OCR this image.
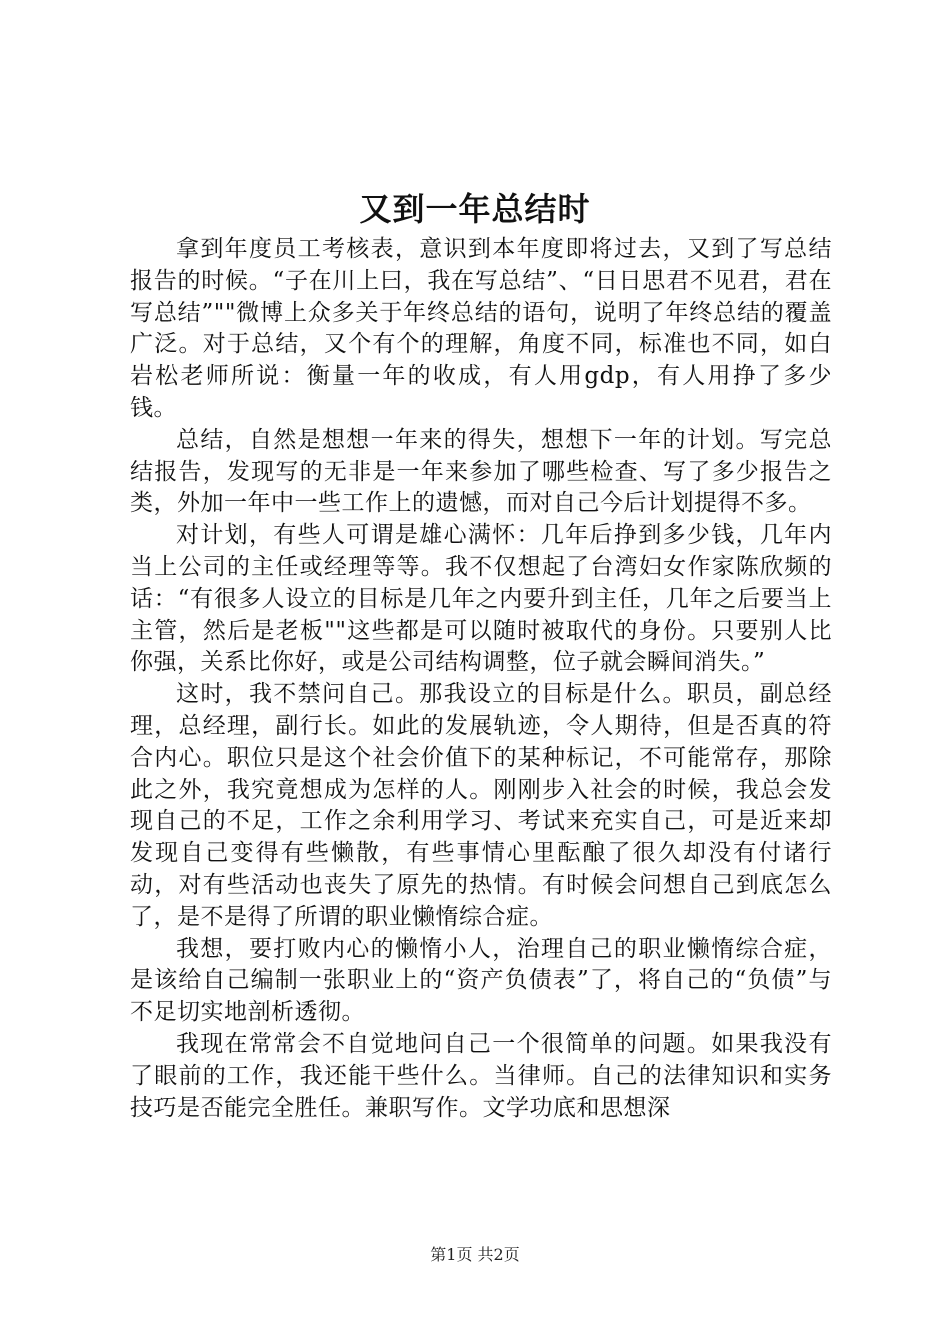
又到一年总结时

拿到年度员工考核表，意识到本年度即将过去，又到了写总结报告的时候。“子在川上曰，我在写总结”、“日日思君不见君，君在写总结”""微博上众多关于年终总结的语句，说明了年终总结的覆盖广泛。对于总结，又个有个的理解，角度不同，标准也不同，如白岩松老师所说：衡量一年的收成，有人用gdp，有人用挣了多少钱。

总结，自然是想想一年来的得失，想想下一年的计划。写完总结报告，发现写的无非是一年来参加了哪些检查、写了多少报告之类，外加一年中一些工作上的遗憾，而对自己今后计划提得不多。

对计划，有些人可谓是雄心满怀：几年后挣到多少钱，几年内当上公司的主任或经理等等。我不仅想起了台湾妇女作家陈欣频的话：“有很多人设立的目标是几年之内要升到主任，几年之后要当上主管，然后是老板""这些都是可以随时被取代的身份。只要别人比你强，关系比你好，或是公司结构调整，位子就会瞬间消失。”

这时，我不禁问自己。那我设立的目标是什么。职员，副总经理，总经理，副行长。如此的发展轨迹，令人期待，但是否真的符合内心。职位只是这个社会价值下的某种标记，不可能常存，那除此之外，我究竟想成为怎样的人。刚刚步入社会的时候，我总会发现自己的不足，工作之余利用学习、考试来充实自己，可是近来却发现自己变得有些懒散，有些事情心里酝酿了很久却没有付诸行动，对有些活动也丧失了原先的热情。有时候会问想自己到底怎么了，是不是得了所谓的职业懒惰综合症。

我想，要打败内心的懒惰小人，治理自己的职业懒惰综合症，是该给自己编制一张职业上的“资产负债表”了，将自己的“负债”与不足切实地剖析透彻。

我现在常常会不自觉地问自己一个很简单的问题。如果我没有了眼前的工作，我还能干些什么。当律师。自己的法律知识和实务技巧是否能完全胜任。兼职写作。文学功底和思想深

第1页 共2页
